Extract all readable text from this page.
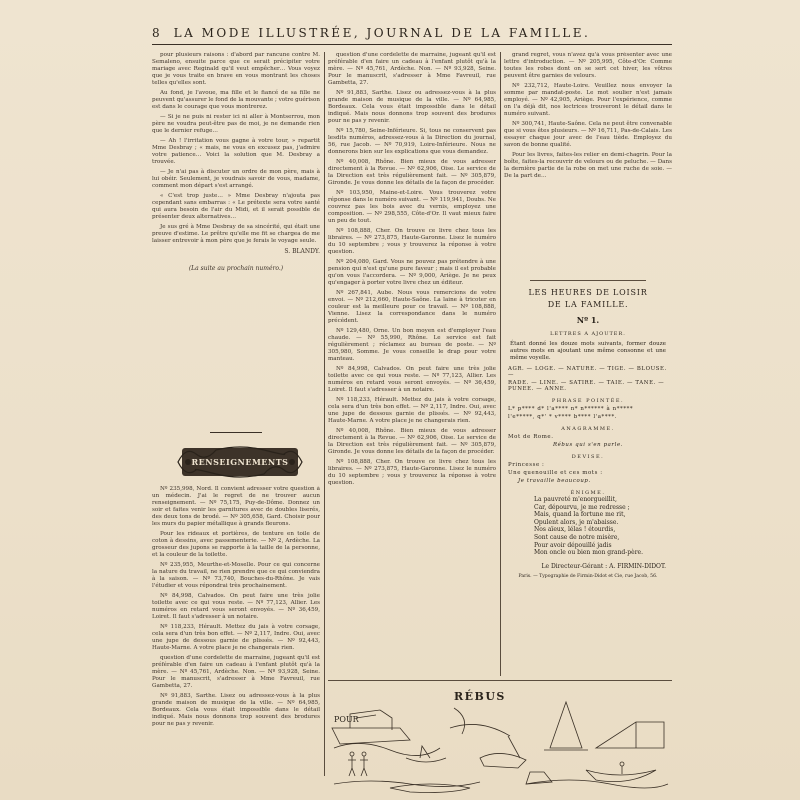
8 LA MODE ILLUSTRÉE, JOURNAL DE LA FAMILLE.

pour plusieurs raisons : d'abord par rancune contre M. Semaleno, ensuite parce que ce serait précipiter votre mariage avec Reginald qu'il veut empêcher… Vous voyez que je vous traite en brave en vous montrant les choses telles qu'elles sont.

Au fond, je l'avoue, ma fille et le fiancé de sa fille ne peuvent qu'assurer le fond de la mouvante ; votre guérison est dans le courage que vous montrerez.

— Si je ne puis ni rester ici ni aller à Montserrou, mon père ne voudra peut-être pas de moi, je ne demande rien que le dernier refuge…

— Ah ! l'irritation vous gagne à votre tour, » repartit Mme Desbray ; « mais, ne vous en excusez pas, j'admire votre patience… Voici la solution que M. Desbray a trouvée.

— Je n'ai pas à discuter un ordre de mon père, mais à lui obéir. Seulement, je voudrais savoir de vous, madame, comment mon départ s'est arrangé.

« C'est trop juste… » Mme Desbray n'ajouta pas cependant sans embarras : « Le prétexte sera votre santé qui aura besoin de l'air du Midi, et il serait possible de présenter deux alternatives…

Je sus gré à Mme Desbray de sa sincérité, qui était une preuve d'estime. Le prêtre qu'elle me fit se chargea de me laisser entrevoir à mon père que je ferais le voyage seule.

S. BLANDY.
(La suite au prochain numéro.)
RENSEIGNEMENTS

Nº 235,998, Nord. Il convient adresser votre question à un médecin. J'ai le regret de ne trouver aucun renseignement. — Nº 75,175, Puy-de-Dôme. Donnez un soir et faites venir les garnitures avec de doubles liserés, des deux tons de brodé. — Nº 305,658, Gard. Choisir pour les murs du papier métallique à grands fleurons.

Pour les rideaux et portières, de tenture en toile de coton à dessins, avec passementerie. — Nº 2, Ardèche. La grosseur des jupons se rapporte à la taille de la personne, et la couleur de la toilette.

Nº 235,955, Meurthe-et-Moselle. Pour ce qui concerne la nature du travail, ne rien prendre que ce qui conviendra à la saison. — Nº 73,740, Bouches-du-Rhône. Je vais l'étudier et vous répondrai très prochainement.

Nº 84,998, Calvados. On peut faire une très jolie toilette avec ce qui vous reste. — Nº 77,123, Allier. Les numéros en retard vous seront envoyés. — Nº 36,459, Loiret. Il faut s'adresser à un notaire.

Nº 118,233, Hérault. Mettez du jais à votre corsage, cela sera d'un très bon effet. — Nº 2,117, Indre. Oui, avec une jupe de dessous garnie de plissés. — Nº 92,443, Haute-Marne. A votre place je ne changerais rien.

question d'une cordelette de marraine, jugeant qu'il est préférable d'en faire un cadeau à l'enfant plutôt qu'à la mère. — Nº 45,761, Ardèche. Non. — Nº 93,928, Seine. Pour le manuscrit, s'adresser à Mme Favreuil, rue Gambetta, 27.

Nº 91,883, Sarthe. Lisez ou adressez-vous à la plus grande maison de musique de la ville. — Nº 64,985, Bordeaux. Cela vous était impossible dans le détail indiqué. Mais nous donnons trop souvent des brodures pour ne pas y revenir.

question d'une cordelette de marraine, jugeant qu'il est préférable d'en faire un cadeau à l'enfant plutôt qu'à la mère. — Nº 45,761, Ardèche. Non. — Nº 93,928, Seine. Pour le manuscrit, s'adresser à Mme Favreuil, rue Gambetta, 27.

Nº 91,883, Sarthe. Lisez ou adressez-vous à la plus grande maison de musique de la ville. — Nº 64,985, Bordeaux. Cela vous était impossible dans le détail indiqué. Mais nous donnons trop souvent des brodures pour ne pas y revenir.

Nº 15,780, Seine-Inférieure. Si, tous ne conservent pas lesdits numéros, adressez-vous à la Direction du journal, 56, rue Jacob. — Nº 70,919, Loire-Inférieure. Nous ne donnerons bien sur les explications que vous demandez.

Nº 40,008, Rhône. Bien mieux de vous adresser directement à la Revue. — Nº 62,906, Oise. Le service de la Direction est très régulièrement fait. — Nº 305,879, Gironde. Je vous donne les détails de la façon de procéder.

Nº 103,950, Maine-et-Loire. Vous trouverez votre réponse dans le numéro suivant. — Nº 119,941, Doubs. Ne couvrez pas les bois avec du vernis, employez une composition. — Nº 298,555, Côte-d'Or. Il vaut mieux faire un peu de tout.

Nº 108,888, Cher. On trouve ce livre chez tous les libraires. — Nº 273,875, Haute-Garonne. Lisez le numéro du 10 septembre ; vous y trouverez la réponse à votre question.

Nº 204,080, Gard. Vous ne pouvez pas prétendre à une pension qui n'est qu'une pure faveur ; mais il est probable qu'on vous l'accordera. — Nº 9,000, Ariège. Je ne peux qu'engager à porter votre livre chez un éditeur.

Nº 267,841, Aube. Nous vous remercions de votre envoi. — Nº 212,660, Haute-Saône. La laine à tricoter en couleur est la meilleure pour ce travail. — Nº 108,888, Vienne. Lisez la correspondance dans le numéro précédent.

Nº 129,480, Orne. Un bon moyen est d'employer l'eau chaude. — Nº 55,990, Rhône. Le service est fait régulièrement ; réclamez au bureau de poste. — Nº 305,980, Somme. Je vous conseille le drap pour votre manteau.

Nº 84,998, Calvados. On peut faire une très jolie toilette avec ce qui vous reste. — Nº 77,123, Allier. Les numéros en retard vous seront envoyés. — Nº 36,459, Loiret. Il faut s'adresser à un notaire.

Nº 118,233, Hérault. Mettez du jais à votre corsage, cela sera d'un très bon effet. — Nº 2,117, Indre. Oui, avec une jupe de dessous garnie de plissés. — Nº 92,443, Haute-Marne. A votre place je ne changerais rien.

Nº 40,008, Rhône. Bien mieux de vous adresser directement à la Revue. — Nº 62,906, Oise. Le service de la Direction est très régulièrement fait. — Nº 305,879, Gironde. Je vous donne les détails de la façon de procéder.

Nº 108,888, Cher. On trouve ce livre chez tous les libraires. — Nº 273,875, Haute-Garonne. Lisez le numéro du 10 septembre ; vous y trouverez la réponse à votre question.

grand regret, vous n'avez qu'à vous présenter avec une lettre d'introduction. — Nº 205,995, Côte-d'Or. Comme toutes les robes dont on se sert cet hiver, les vôtres peuvent être garnies de velours.

Nº 232,712, Haute-Loire. Veuillez nous envoyer la somme par mandat-poste. Le mot soulier n'est jamais employé. — Nº 42,905, Ariège. Pour l'expérience, comme on l'a déjà dit, nos lectrices trouveront le détail dans le numéro suivant.

Nº 300,741, Haute-Saône. Cela ne peut être convenable que si vous êtes plusieurs. — Nº 16,711, Pas-de-Calais. Les essayer chaque jour avec de l'eau tiède. Employez du savon de bonne qualité.

Pour les livres, faites-les relier en demi-chagrin. Pour la boîte, faites-la recouvrir de velours ou de peluche. — Dans la dernière partie de la robe on met une ruche de soie. — De la part de…

LES HEURES DE LOISIR
DE LA FAMILLE.
Nº 1.
LETTRES A AJOUTER.
Étant donné les douze mots suivants, former douze autres mots en ajoutant une même consonne et une même voyelle.
AGR. — LOGE. — NATURE. — TIGE. — BLOUSE. —
RADE. — LINE. — SATIRE. — TAIE. — TANE. — PUNEE. — ANNE.
PHRASE POINTÉE.
L* p**** d* l'a**** n* n****** à n*****
l'e*****, q*' * v**** b**** l'a****.
ANAGRAMME.
Mot de Rome.
Rébus qui s'en parle.
DEVISE.
Princesse :
Une quenouille et ces mots :
Je travaille beaucoup.
ÉNIGME.
La pauvreté m'enorgueillit,
Car, dépourvu, je me redresse ;
Mais, quand la fortune me rit,
Opulent alors, je m'abaisse.
Nos aïeux, lélas ! étourdis,
Sont cause de notre misère,
Pour avoir dépouillé jadis
Mon oncle ou bien mon grand-père.
Le Directeur-Gérant : A. FIRMIN-DIDOT.
Paris. — Typographie de Firmin-Didot et Cie, rue Jacob, 56.
RÉBUS
POUR
